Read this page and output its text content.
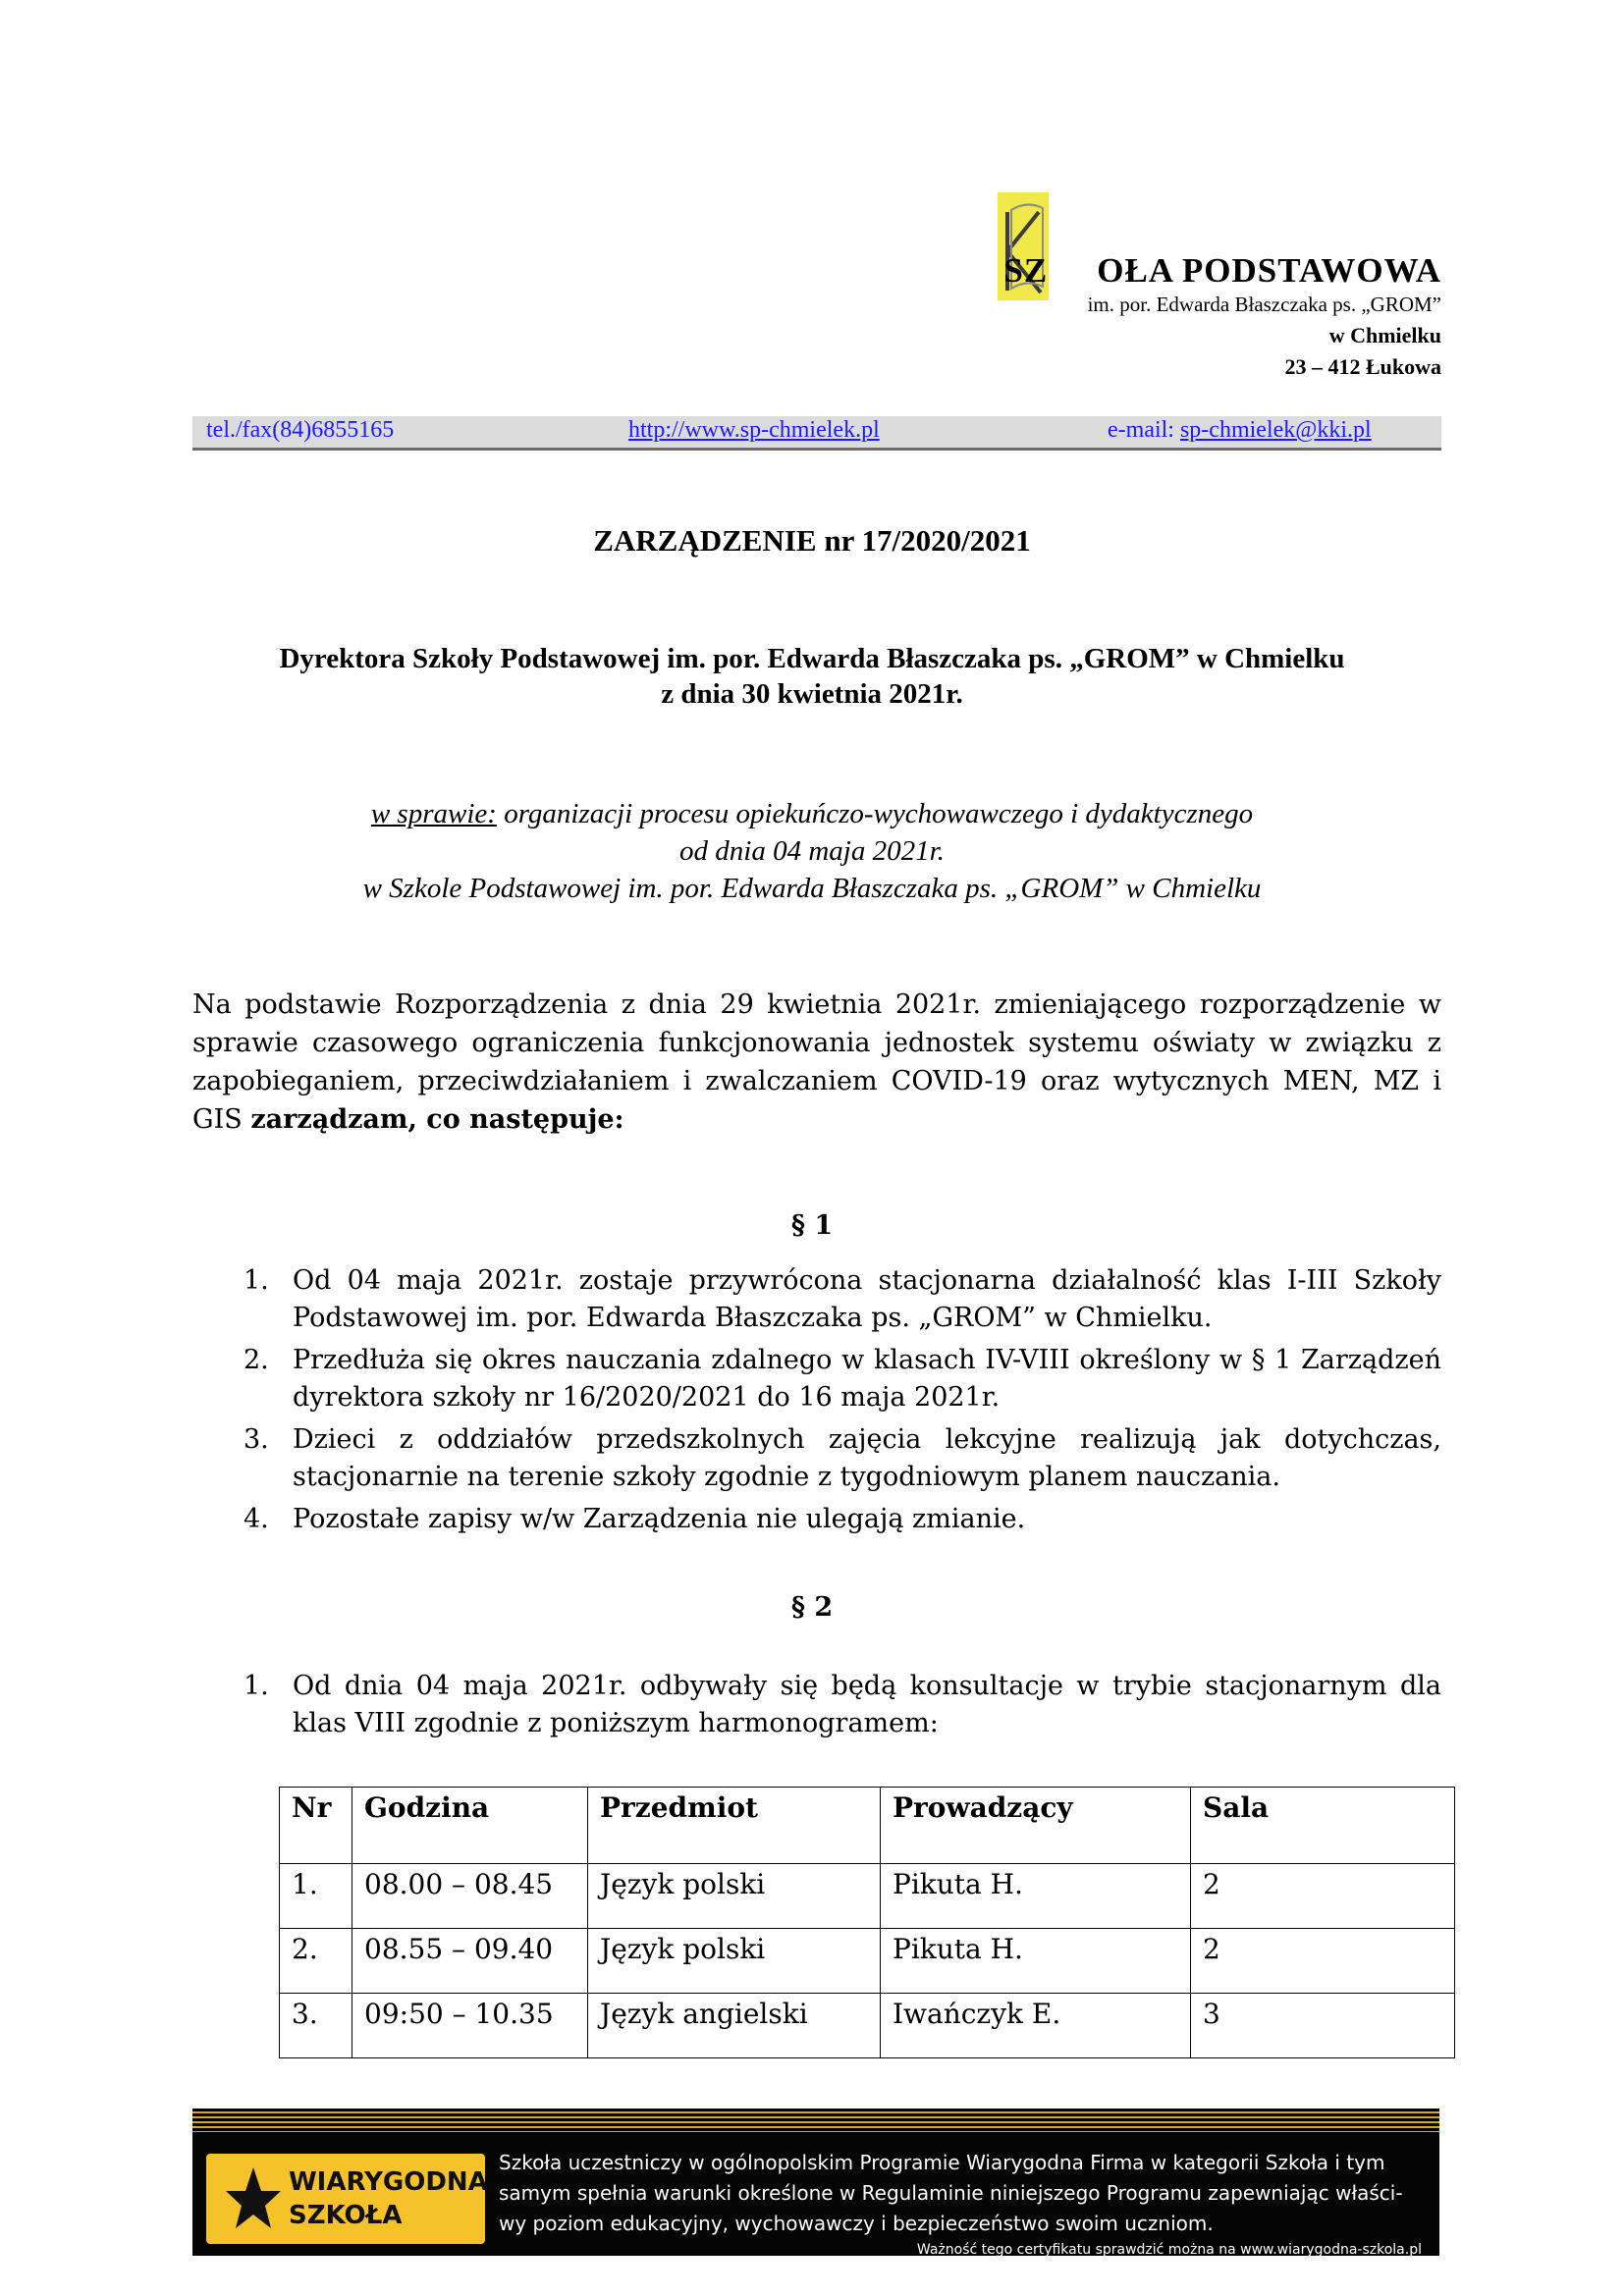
SZ OŁA PODSTAWOWA
im. por. Edwarda Błaszczaka ps. „GROM”
w Chmielku
23 – 412 Łukowa
tel./fax(84)6855165	http://www.sp-chmielek.pl	e-mail: sp-chmielek@kki.pl
ZARZĄDZENIE nr 17/2020/2021
Dyrektora Szkoły Podstawowej im. por. Edwarda Błaszczaka ps. „GROM” w Chmielku
z dnia 30 kwietnia 2021r.
w sprawie: organizacji procesu opiekuńczo-wychowawczego i dydaktycznego
od dnia 04 maja 2021r.
w Szkole Podstawowej im. por. Edwarda Błaszczaka ps. „GROM” w Chmielku
Na podstawie Rozporządzenia z dnia 29 kwietnia 2021r. zmieniającego rozporządzenie w sprawie czasowego ograniczenia funkcjonowania jednostek systemu oświaty w związku z zapobieganiem, przeciwdziałaniem i zwalczaniem COVID-19 oraz wytycznych MEN, MZ i GIS zarządzam, co następuje:
§ 1
1. Od 04 maja 2021r. zostaje przywrócona stacjonarna działalność klas I-III Szkoły Podstawowej im. por. Edwarda Błaszczaka ps. „GROM” w Chmielku.
2. Przedłuża się okres nauczania zdalnego w klasach IV-VIII określony w § 1 Zarządzeń dyrektora szkoły nr 16/2020/2021 do 16 maja 2021r.
3. Dzieci z oddziałów przedszkolnych zajęcia lekcyjne realizują jak dotychczas, stacjonarnie na terenie szkoły zgodnie z tygodniowym planem nauczania.
4. Pozostałe zapisy w/w Zarządzenia nie ulegają zmianie.
§ 2
1. Od dnia 04 maja 2021r. odbywały się będą konsultacje w trybie stacjonarnym dla klas VIII zgodnie z poniższym harmonogramem:
Nr	Godzina	Przedmiot	Prowadzący	Sala
1.	08.00 – 08.45	Język polski	Pikuta H.	2
2.	08.55 – 09.40	Język polski	Pikuta H.	2
3.	09:50 – 10.35	Język angielski	Iwańczyk E.	3
WIARYGODNA
SZKOŁA
Szkoła uczestniczy w ogólnopolskim Programie Wiarygodna Firma w kategorii Szkoła i tym
samym spełnia warunki określone w Regulaminie niniejszego Programu zapewniając właści-
wy poziom edukacyjny, wychowawczy i bezpieczeństwo swoim uczniom.
Ważność tego certyfikatu sprawdzić można na www.wiarygodna-szkola.pl
